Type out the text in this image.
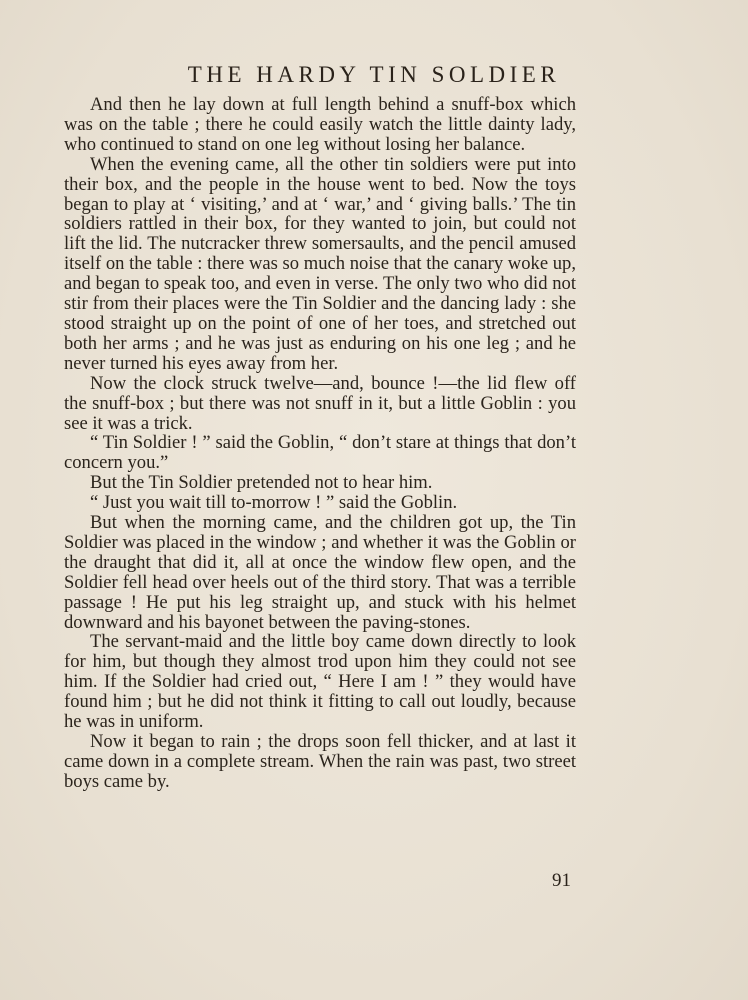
THE HARDY TIN SOLDIER

And then he lay down at full length behind a snuff-box which was on the table ; there he could easily watch the little dainty lady, who continued to stand on one leg without losing her balance.

When the evening came, all the other tin soldiers were put into their box, and the people in the house went to bed. Now the toys began to play at ‘ visiting,’ and at ‘ war,’ and ‘ giving balls.’ The tin soldiers rattled in their box, for they wanted to join, but could not lift the lid. The nutcracker threw somersaults, and the pencil amused itself on the table : there was so much noise that the canary woke up, and began to speak too, and even in verse. The only two who did not stir from their places were the Tin Soldier and the dancing lady : she stood straight up on the point of one of her toes, and stretched out both her arms ; and he was just as enduring on his one leg ; and he never turned his eyes away from her.

Now the clock struck twelve—and, bounce !—the lid flew off the snuff-box ; but there was not snuff in it, but a little Goblin : you see it was a trick.

“ Tin Soldier ! ” said the Goblin, “ don’t stare at things that don’t concern you.”

But the Tin Soldier pretended not to hear him.

“ Just you wait till to-morrow ! ” said the Goblin.

But when the morning came, and the children got up, the Tin Soldier was placed in the window ; and whether it was the Goblin or the draught that did it, all at once the window flew open, and the Soldier fell head over heels out of the third story. That was a terrible passage ! He put his leg straight up, and stuck with his helmet downward and his bayonet between the paving-stones.

The servant-maid and the little boy came down directly to look for him, but though they almost trod upon him they could not see him. If the Soldier had cried out, “ Here I am ! ” they would have found him ; but he did not think it fitting to call out loudly, because he was in uniform.

Now it began to rain ; the drops soon fell thicker, and at last it came down in a complete stream. When the rain was past, two street boys came by.

91
